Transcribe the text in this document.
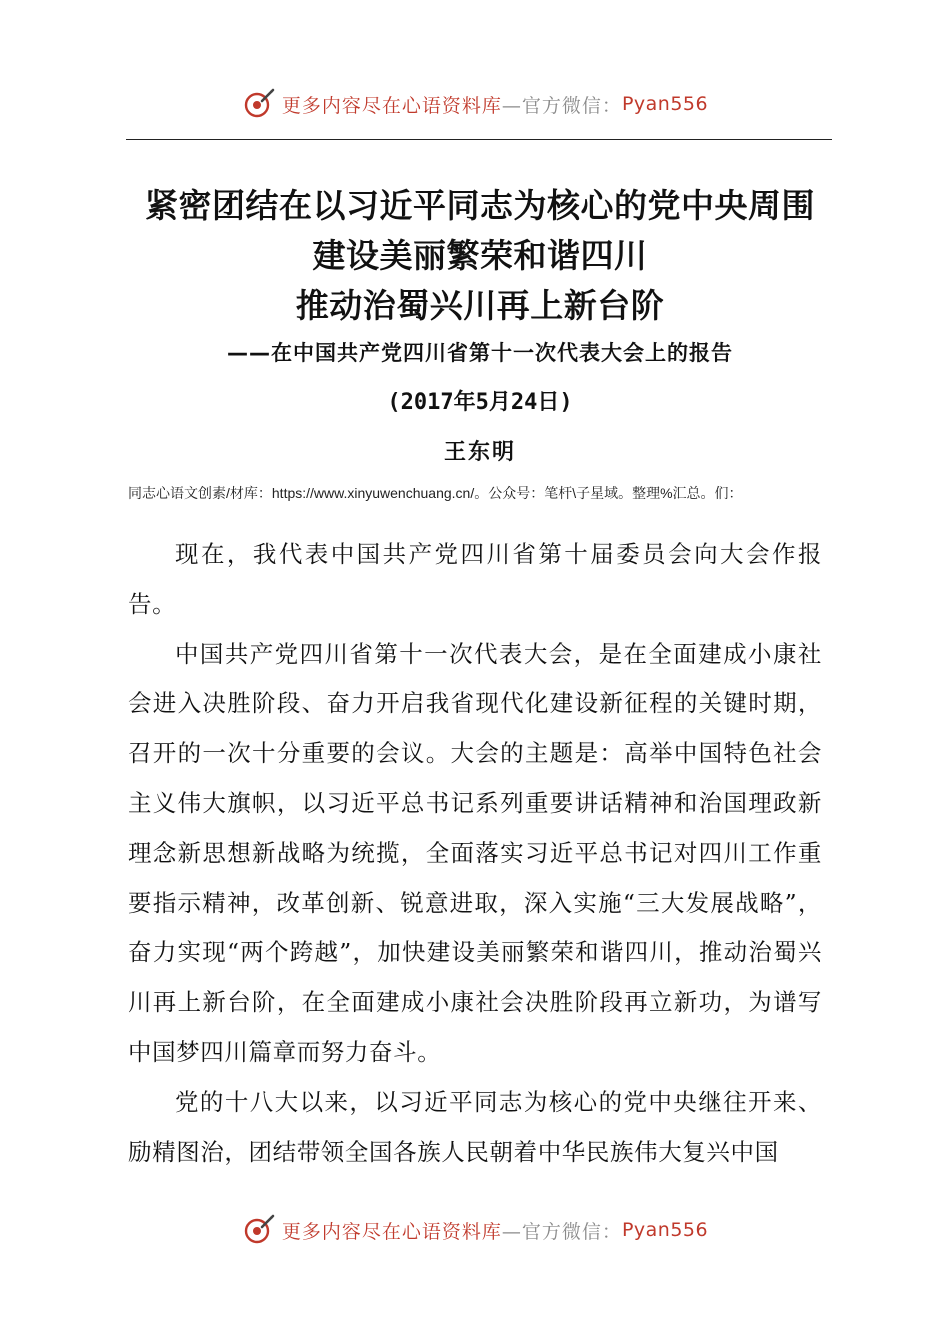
更多内容尽在心语资料库 —官方微信： Pyan556
紧密团结在以习近平同志为核心的党中央周围
建设美丽繁荣和谐四川
推动治蜀兴川再上新台阶
——在中国共产党四川省第十一次代表大会上的报告
(2017年5月24日)
王东明
同志心语文创素/材库：https://www.xinyuwenchuang.cn/。公众号：笔杆\子星域。整理%汇总。们：

现在，我代表中国共产党四川省第十届委员会向大会作报告。

中国共产党四川省第十一次代表大会，是在全面建成小康社会进入决胜阶段、奋力开启我省现代化建设新征程的关键时期，召开的一次十分重要的会议。大会的主题是：高举中国特色社会主义伟大旗帜，以习近平总书记系列重要讲话精神和治国理政新理念新思想新战略为统揽，全面落实习近平总书记对四川工作重要指示精神，改革创新、锐意进取，深入实施“三大发展战略”，奋力实现“两个跨越”，加快建设美丽繁荣和谐四川，推动治蜀兴川再上新台阶，在全面建成小康社会决胜阶段再立新功，为谱写中国梦四川篇章而努力奋斗。

党的十八大以来，以习近平同志为核心的党中央继往开来、励精图治，团结带领全国各族人民朝着中华民族伟大复兴中国

更多内容尽在心语资料库 —官方微信： Pyan556
